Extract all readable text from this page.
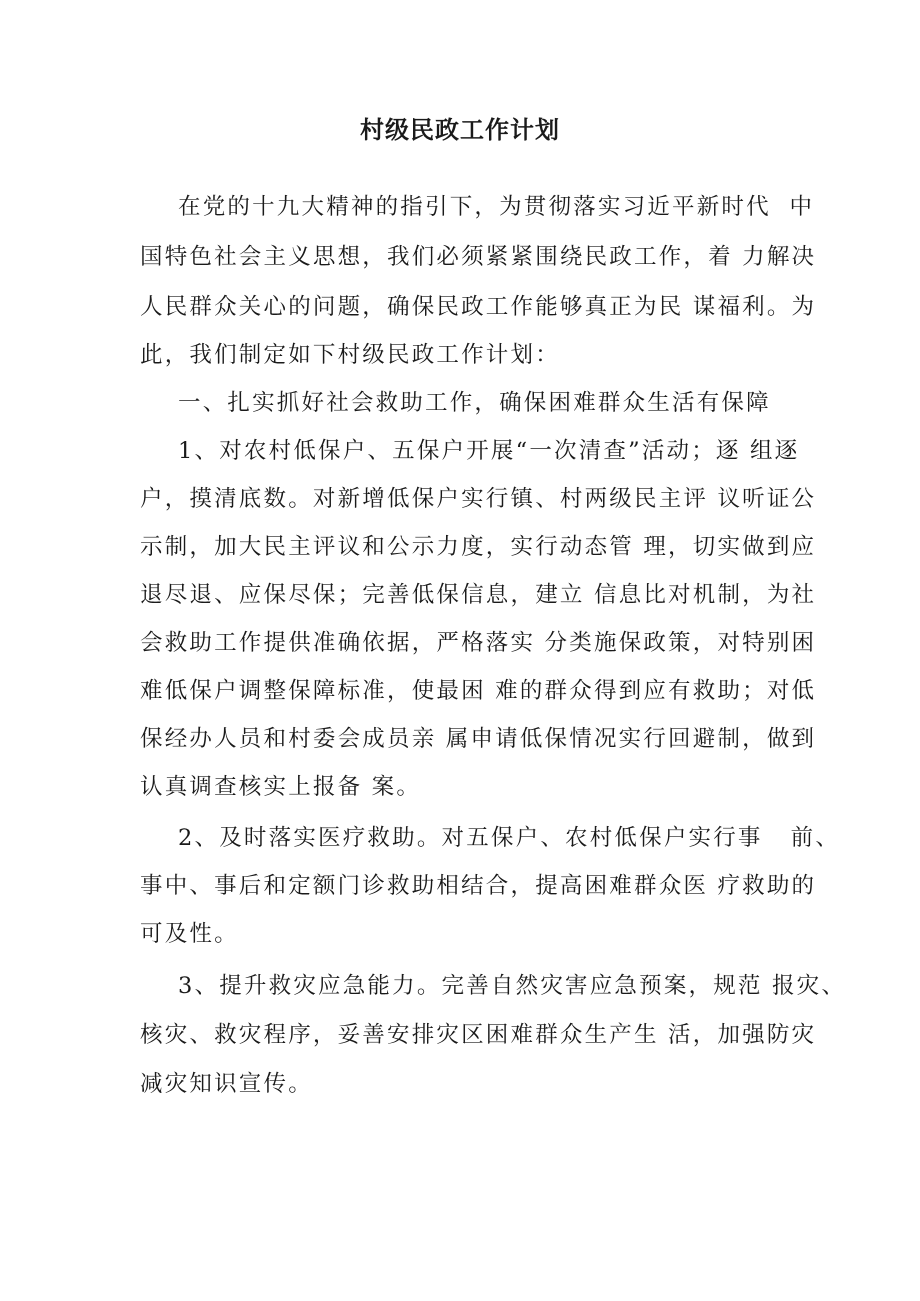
村级民政工作计划
在党的十九大精神的指引下，为贯彻落实习近平新时代  中
国特色社会主义思想，我们必须紧紧围绕民政工作，着 力解决
人民群众关心的问题，确保民政工作能够真正为民 谋福利。为
此，我们制定如下村级民政工作计划：
一、扎实抓好社会救助工作，确保困难群众生活有保障
1、对农村低保户、五保户开展“一次清查”活动；逐 组逐
户，摸清底数。对新增低保户实行镇、村两级民主评 议听证公
示制，加大民主评议和公示力度，实行动态管 理，切实做到应
退尽退、应保尽保；完善低保信息，建立 信息比对机制，为社
会救助工作提供准确依据，严格落实 分类施保政策，对特别困
难低保户调整保障标准，使最困 难的群众得到应有救助；对低
保经办人员和村委会成员亲 属申请低保情况实行回避制，做到
认真调查核实上报备 案。
2、及时落实医疗救助。对五保户、农村低保户实行事   前、
事中、事后和定额门诊救助相结合，提高困难群众医 疗救助的
可及性。
3、提升救灾应急能力。完善自然灾害应急预案，规范 报灾、
核灾、救灾程序，妥善安排灾区困难群众生产生 活，加强防灾
减灾知识宣传。
